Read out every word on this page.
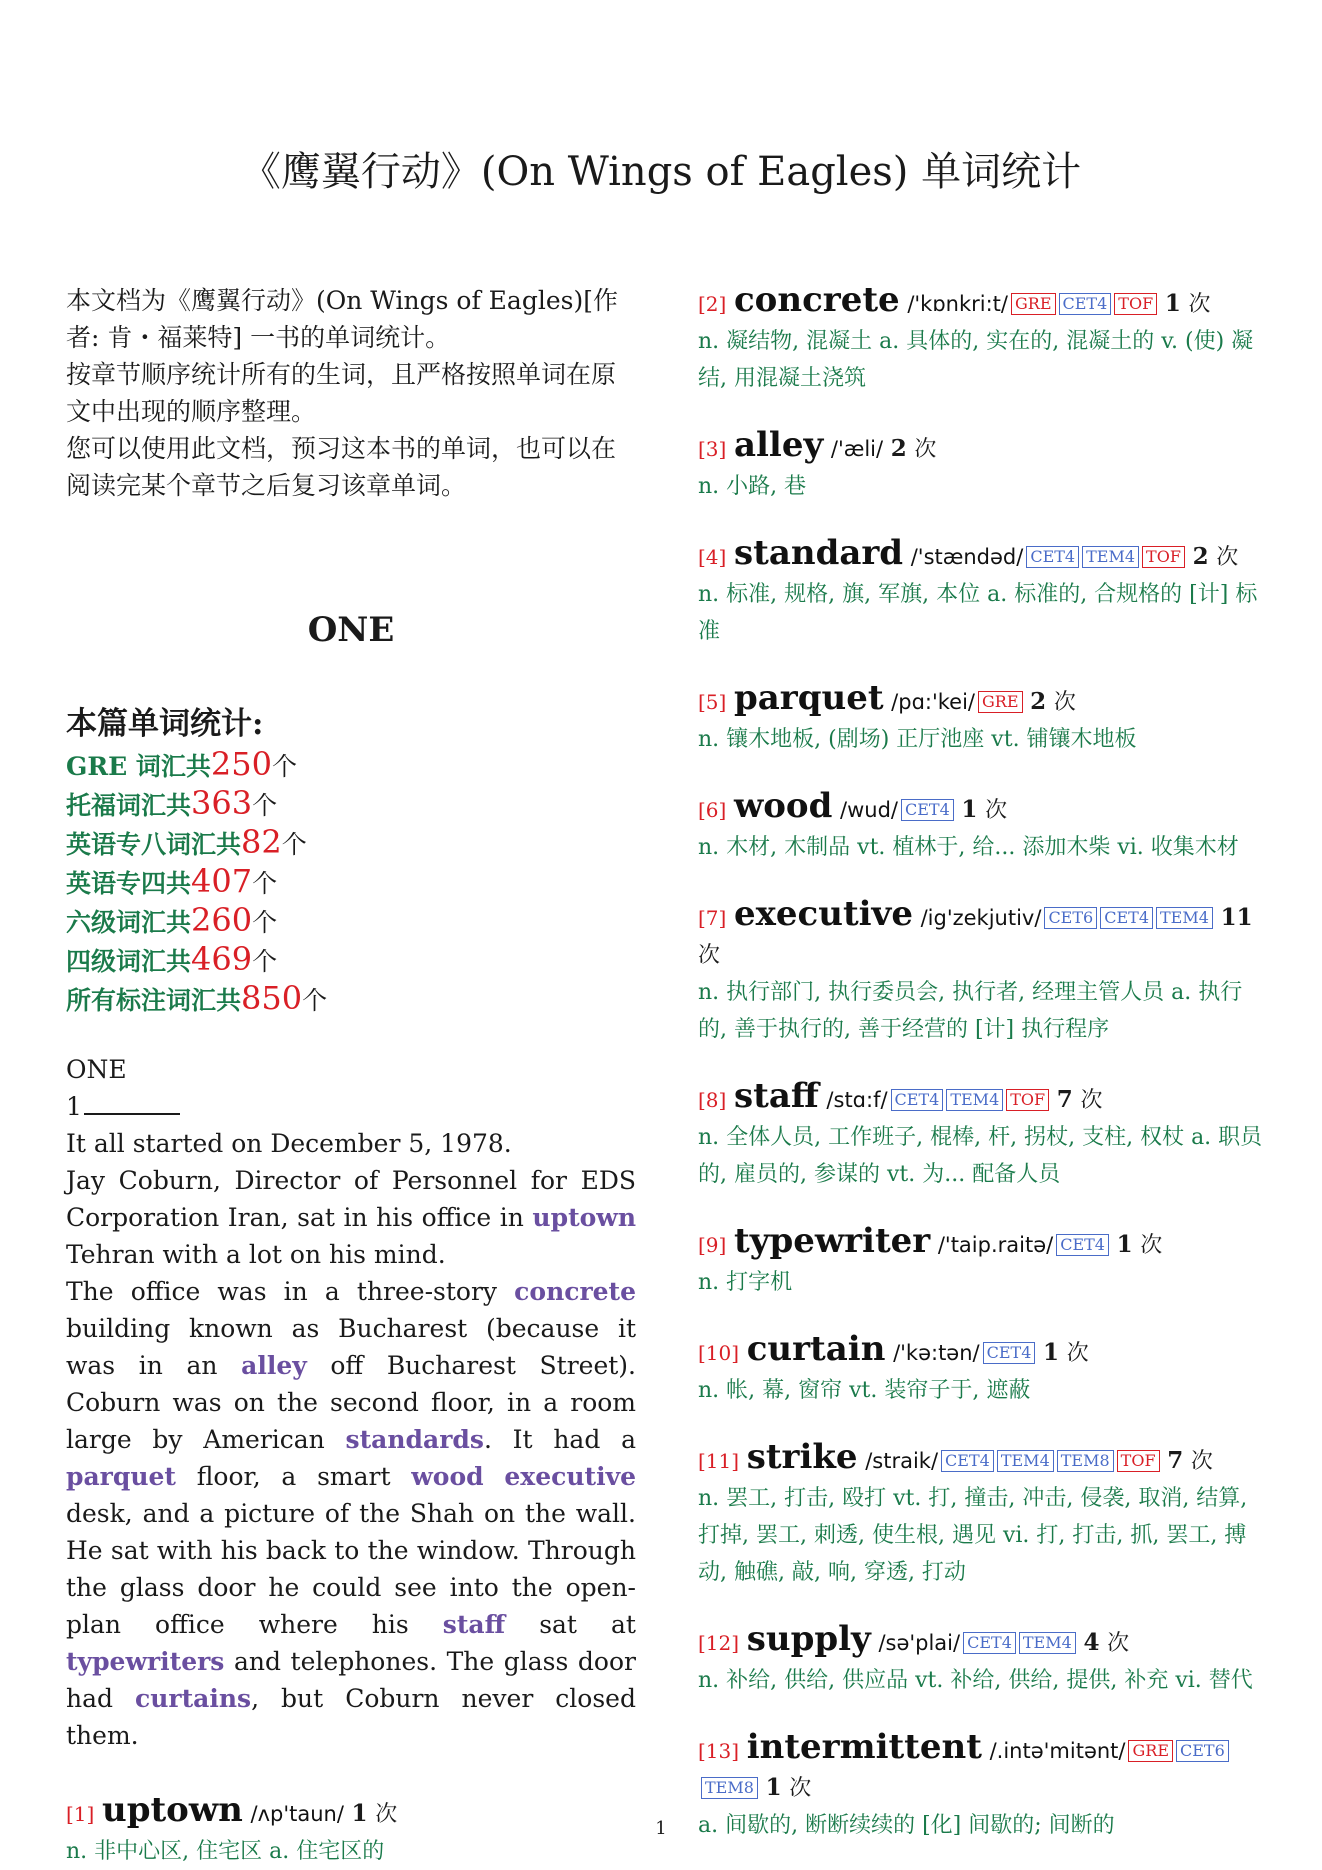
《鹰翼行动》(On Wings of Eagles) 单词统计

本文档为《鹰翼行动》(On Wings of Eagles)[作者: 肯・福莱特] 一书的单词统计。

按章节顺序统计所有的生词，且严格按照单词在原文中出现的顺序整理。

您可以使用此文档，预习这本书的单词，也可以在阅读完某个章节之后复习该章单词。

ONE
本篇单词统计:
GRE 词汇共250个
托福词汇共363个
英语专八词汇共82个
英语专四共407个
六级词汇共260个
四级词汇共469个
所有标注词汇共850个
ONE
1

It all started on December 5, 1978.

Jay Coburn, Director of Personnel for EDS Corporation Iran, sat in his office in uptown Tehran with a lot on his mind.

The office was in a three-story concrete building known as Bucharest (because it was in an alley off Bucharest Street). Coburn was on the second floor, in a room large by American standards. It had a parquet floor, a smart wood executive desk, and a picture of the Shah on the wall. He sat with his back to the window. Through the glass door he could see into the open-plan office where his staff sat at typewriters and telephones. The glass door had curtains, but Coburn never closed them.

[1] uptown /ʌp'taun/ 1 次
n. 非中心区, 住宅区 a. 住宅区的
[2] concrete /'kɒnkri:t/ GRE CET4 TOF 1 次
n. 凝结物, 混凝土 a. 具体的, 实在的, 混凝土的 v. (使) 凝结, 用混凝土浇筑
[3] alley /'æli/ 2 次
n. 小路, 巷
[4] standard /'stændəd/ CET4 TEM4 TOF 2 次
n. 标准, 规格, 旗, 军旗, 本位 a. 标准的, 合规格的 [计] 标准
[5] parquet /pɑ:'kei/ GRE 2 次
n. 镶木地板, (剧场) 正厅池座 vt. 铺镶木地板
[6] wood /wud/ CET4 1 次
n. 木材, 木制品 vt. 植林于, 给... 添加木柴 vi. 收集木材
[7] executive /ig'zekjutiv/ CET6 CET4 TEM4 11 次
n. 执行部门, 执行委员会, 执行者, 经理主管人员 a. 执行的, 善于执行的, 善于经营的 [计] 执行程序
[8] staff /stɑ:f/ CET4 TEM4 TOF 7 次
n. 全体人员, 工作班子, 棍棒, 杆, 拐杖, 支柱, 权杖 a. 职员的, 雇员的, 参谋的 vt. 为... 配备人员
[9] typewriter /'taip.raitə/ CET4 1 次
n. 打字机
[10] curtain /'kə:tən/ CET4 1 次
n. 帐, 幕, 窗帘 vt. 装帘子于, 遮蔽
[11] strike /straik/ CET4 TEM4 TEM8 TOF 7 次
n. 罢工, 打击, 殴打 vt. 打, 撞击, 冲击, 侵袭, 取消, 结算, 打掉, 罢工, 刺透, 使生根, 遇见 vi. 打, 打击, 抓, 罢工, 搏动, 触礁, 敲, 响, 穿透, 打动
[12] supply /sə'plai/ CET4 TEM4 4 次
n. 补给, 供给, 供应品 vt. 补给, 供给, 提供, 补充 vi. 替代
[13] intermittent /.intə'mitənt/ GRE CET6TEM8 1 次
a. 间歇的, 断断续续的 [化] 间歇的; 间断的
1
